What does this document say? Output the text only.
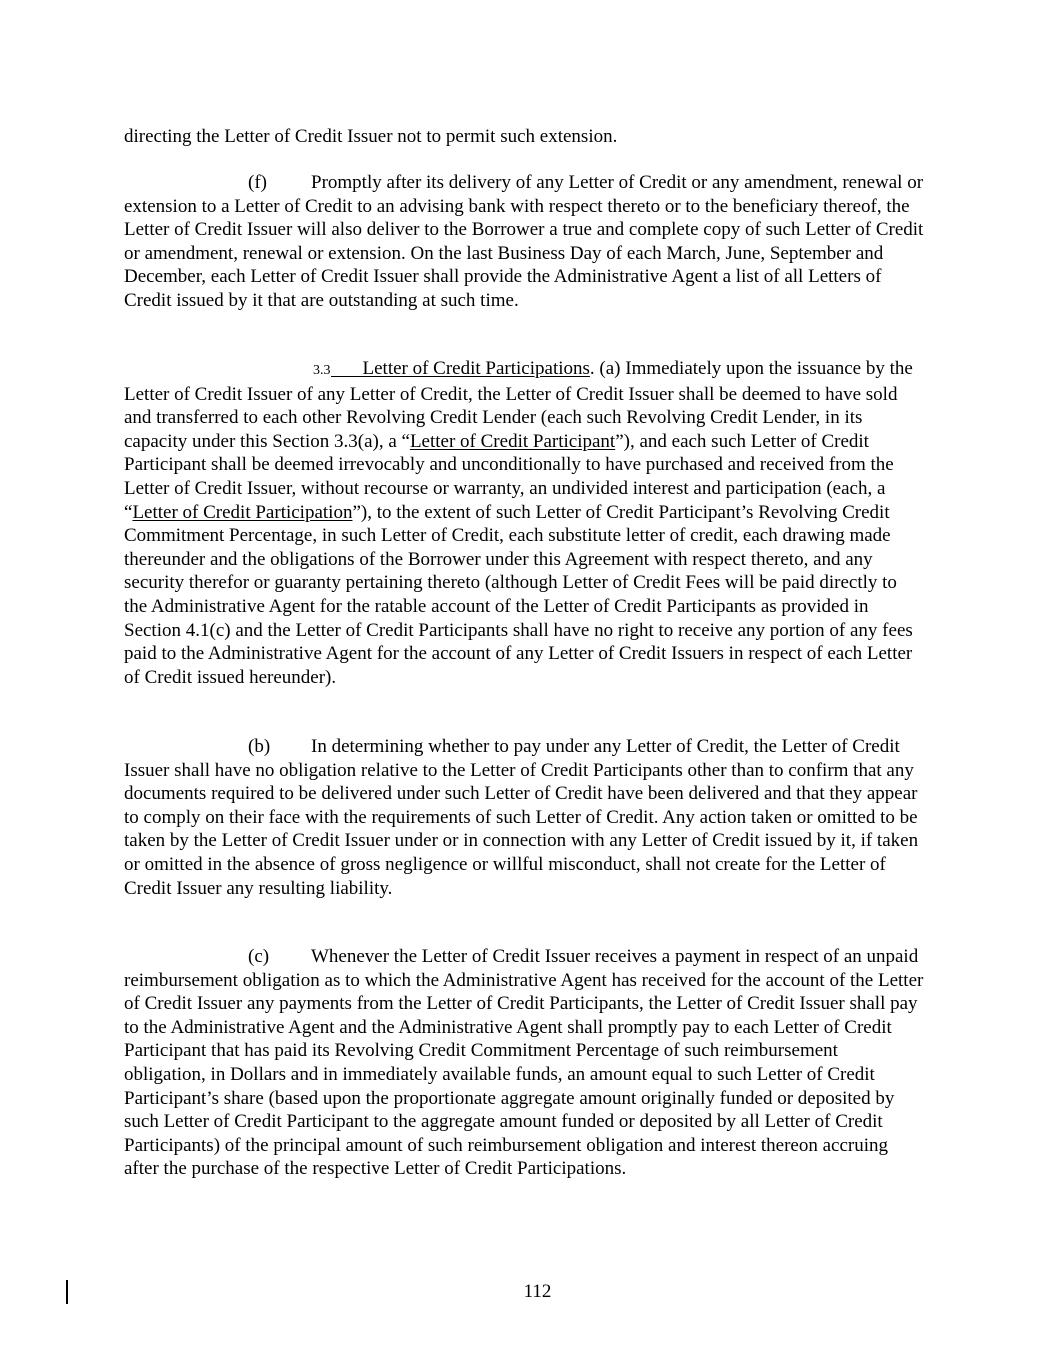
directing the Letter of Credit Issuer not to permit such extension.

(f) Promptly after its delivery of any Letter of Credit or any amendment, renewal or extension to a Letter of Credit to an advising bank with respect thereto or to the beneficiary thereof, the Letter of Credit Issuer will also deliver to the Borrower a true and complete copy of such Letter of Credit or amendment, renewal or extension. On the last Business Day of each March, June, September and December, each Letter of Credit Issuer shall provide the Administrative Agent a list of all Letters of Credit issued by it that are outstanding at such time.

3.3 Letter of Credit Participations. (a) Immediately upon the issuance by the Letter of Credit Issuer of any Letter of Credit, the Letter of Credit Issuer shall be deemed to have sold and transferred to each other Revolving Credit Lender (each such Revolving Credit Lender, in its capacity under this Section 3.3(a), a “Letter of Credit Participant”), and each such Letter of Credit Participant shall be deemed irrevocably and unconditionally to have purchased and received from the Letter of Credit Issuer, without recourse or warranty, an undivided interest and participation (each, a “Letter of Credit Participation”), to the extent of such Letter of Credit Participant’s Revolving Credit Commitment Percentage, in such Letter of Credit, each substitute letter of credit, each drawing made thereunder and the obligations of the Borrower under this Agreement with respect thereto, and any security therefor or guaranty pertaining thereto (although Letter of Credit Fees will be paid directly to the Administrative Agent for the ratable account of the Letter of Credit Participants as provided in Section 4.1(c) and the Letter of Credit Participants shall have no right to receive any portion of any fees paid to the Administrative Agent for the account of any Letter of Credit Issuers in respect of each Letter of Credit issued hereunder).

(b) In determining whether to pay under any Letter of Credit, the Letter of Credit Issuer shall have no obligation relative to the Letter of Credit Participants other than to confirm that any documents required to be delivered under such Letter of Credit have been delivered and that they appear to comply on their face with the requirements of such Letter of Credit. Any action taken or omitted to be taken by the Letter of Credit Issuer under or in connection with any Letter of Credit issued by it, if taken or omitted in the absence of gross negligence or willful misconduct, shall not create for the Letter of Credit Issuer any resulting liability.

(c) Whenever the Letter of Credit Issuer receives a payment in respect of an unpaid reimbursement obligation as to which the Administrative Agent has received for the account of the Letter of Credit Issuer any payments from the Letter of Credit Participants, the Letter of Credit Issuer shall pay to the Administrative Agent and the Administrative Agent shall promptly pay to each Letter of Credit Participant that has paid its Revolving Credit Commitment Percentage of such reimbursement obligation, in Dollars and in immediately available funds, an amount equal to such Letter of Credit Participant’s share (based upon the proportionate aggregate amount originally funded or deposited by such Letter of Credit Participant to the aggregate amount funded or deposited by all Letter of Credit Participants) of the principal amount of such reimbursement obligation and interest thereon accruing after the purchase of the respective Letter of Credit Participations.

112
